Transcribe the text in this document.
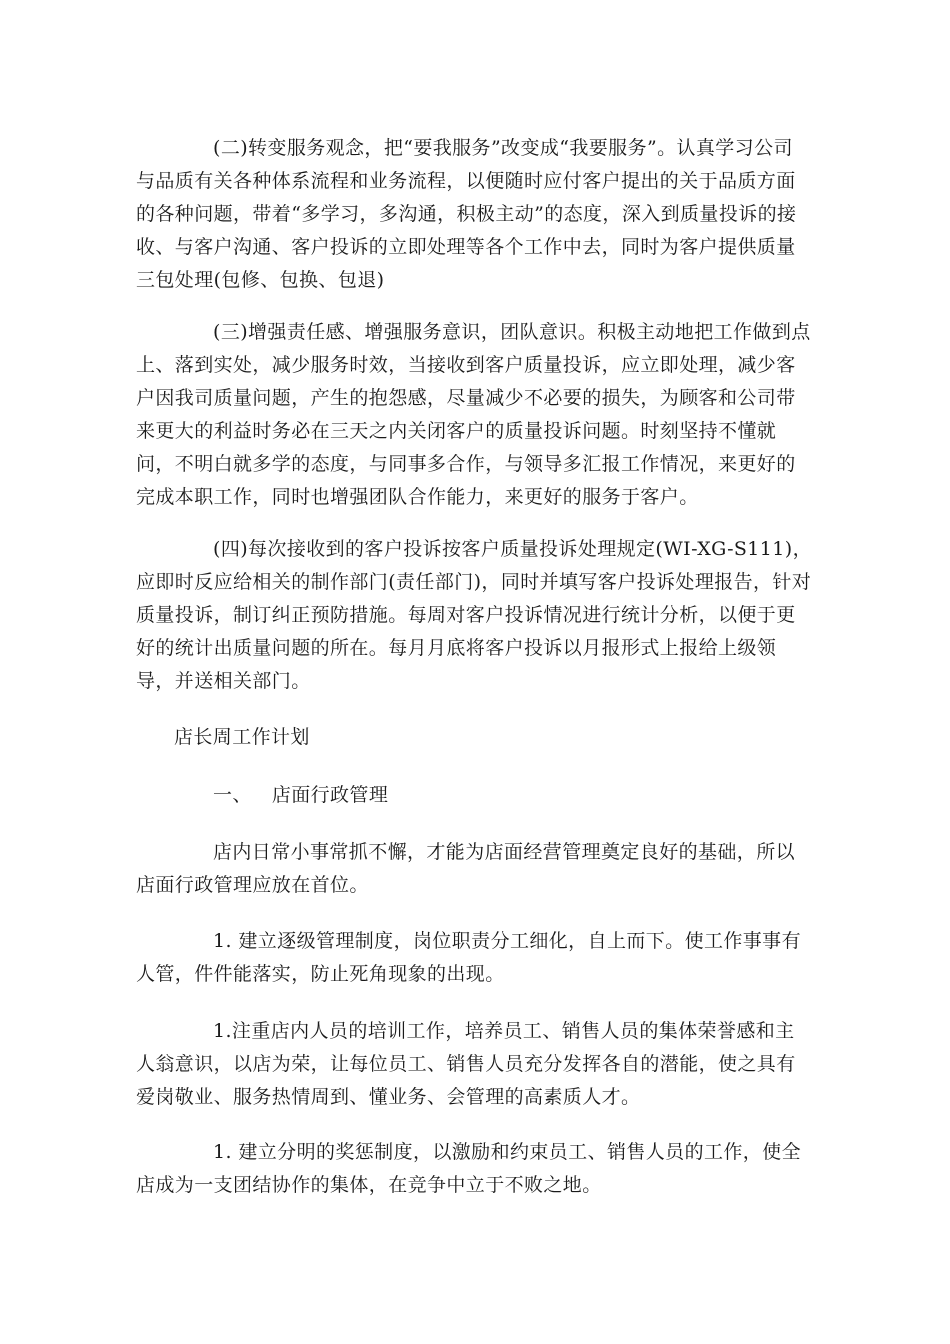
(二)转变服务观念，把“要我服务”改变成“我要服务”。认真学习公司与品质有关各种体系流程和业务流程，以便随时应付客户提出的关于品质方面的各种问题，带着“多学习，多沟通，积极主动”的态度，深入到质量投诉的接收、与客户沟通、客户投诉的立即处理等各个工作中去，同时为客户提供质量三包处理(包修、包换、包退)

(三)增强责任感、增强服务意识，团队意识。积极主动地把工作做到点上、落到实处，减少服务时效，当接收到客户质量投诉，应立即处理，减少客户因我司质量问题，产生的抱怨感，尽量减少不必要的损失，为顾客和公司带来更大的利益时务必在三天之内关闭客户的质量投诉问题。时刻坚持不懂就问，不明白就多学的态度，与同事多合作，与领导多汇报工作情况，来更好的完成本职工作，同时也增强团队合作能力，来更好的服务于客户。

(四)每次接收到的客户投诉按客户质量投诉处理规定(WI-XG-S111)，应即时反应给相关的制作部门(责任部门)，同时并填写客户投诉处理报告，针对质量投诉，制订纠正预防措施。每周对客户投诉情况进行统计分析，以便于更好的统计出质量问题的所在。每月月底将客户投诉以月报形式上报给上级领导，并送相关部门。

店长周工作计划

一、 店面行政管理

店内日常小事常抓不懈，才能为店面经营管理奠定良好的基础，所以店面行政管理应放在首位。

1. 建立逐级管理制度，岗位职责分工细化，自上而下。使工作事事有人管，件件能落实，防止死角现象的出现。

1.注重店内人员的培训工作，培养员工、销售人员的集体荣誉感和主人翁意识，以店为荣，让每位员工、销售人员充分发挥各自的潜能，使之具有爱岗敬业、服务热情周到、懂业务、会管理的高素质人才。

1. 建立分明的奖惩制度，以激励和约束员工、销售人员的工作，使全店成为一支团结协作的集体，在竞争中立于不败之地。
